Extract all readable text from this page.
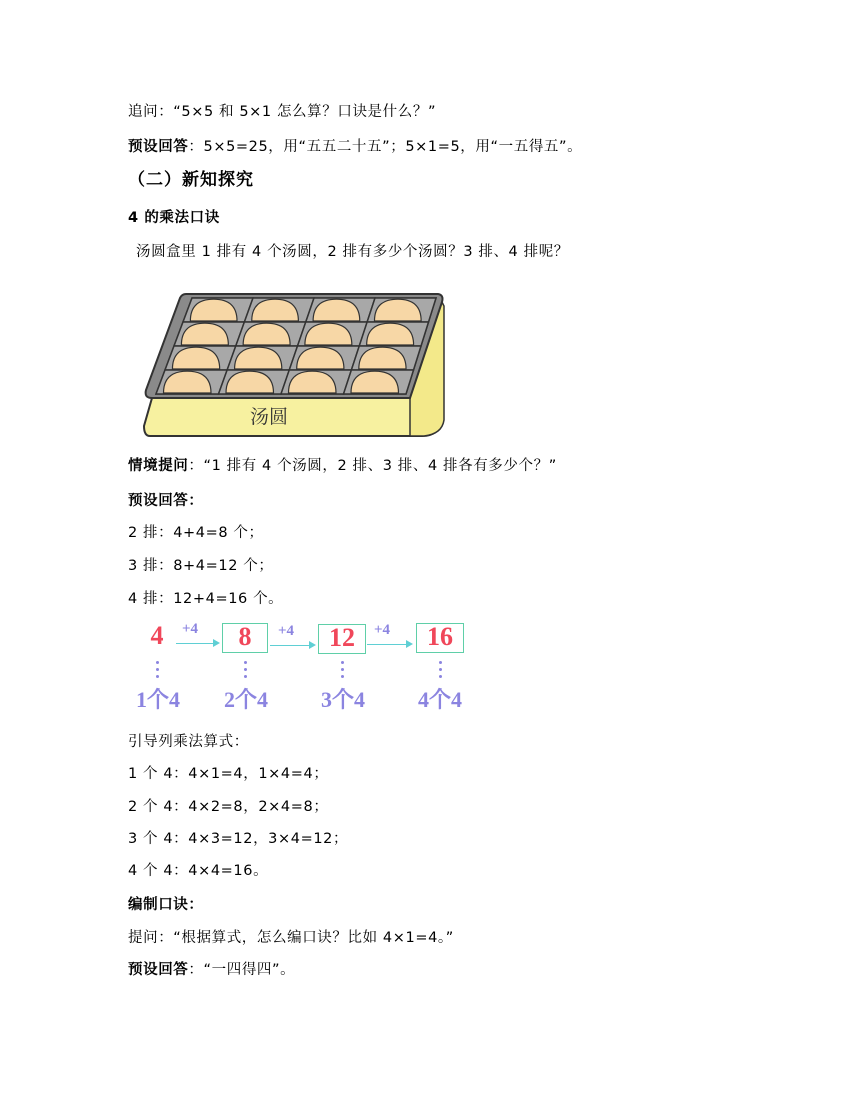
追问：“5×5 和 5×1 怎么算？口诀是什么？”
预设回答：5×5=25，用“五五二十五”；5×1=5，用“一五得五”。
（二）新知探究
4 的乘法口诀
汤圆盒里 1 排有 4 个汤圆，2 排有多少个汤圆？3 排、4 排呢？
汤圆
情境提问：“1 排有 4 个汤圆，2 排、3 排、4 排各有多少个？”
预设回答：
2 排：4+4=8 个；
3 排：8+4=12 个；
4 排：12+4=16 个。
4	+4	8	+4	12	+4	16
1个4	2个4	3个4	4个4
引导列乘法算式：
1 个 4：4×1=4，1×4=4；
2 个 4：4×2=8，2×4=8；
3 个 4：4×3=12，3×4=12；
4 个 4：4×4=16。
编制口诀：
提问：“根据算式，怎么编口诀？比如 4×1=4。”
预设回答：“一四得四”。
